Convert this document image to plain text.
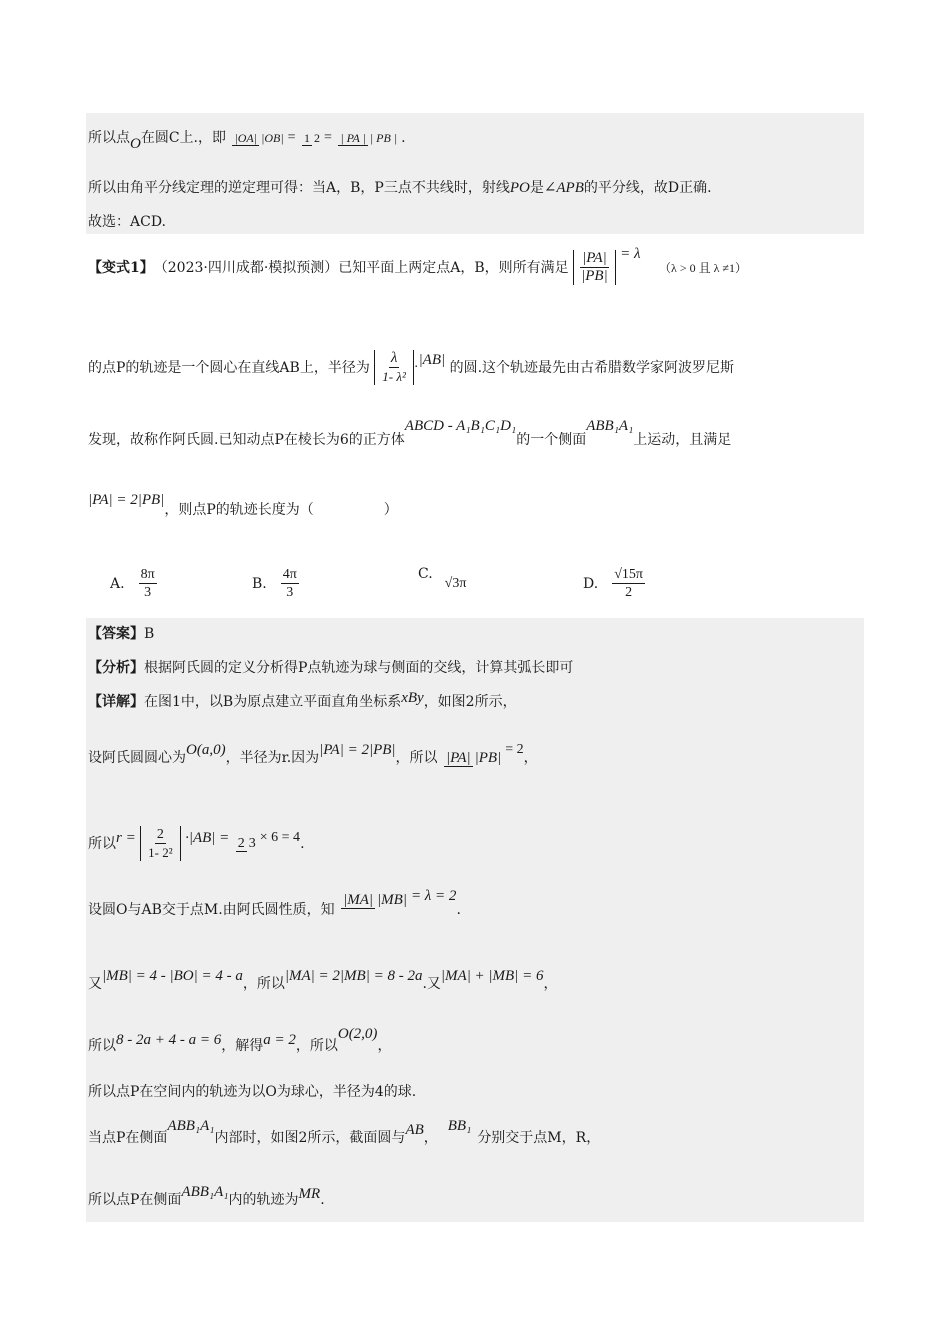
所以点O在圆C上.，即 |OA| |OB| = 1 2 = | PA | | PB | .
所以由角平分线定理的逆定理可得：当A，B，P三点不共线时，射线PO是∠APB的平分线，故D正确.
故选：ACD.
【变式1】（2023·四川成都·模拟预测）已知平面上两定点A，B，则所有满足 $\frac{|PA|}{|PB|} = \lambda$ （λ > 0 且 λ ≠1）
的点P的轨迹是一个圆心在直线AB上，半径为 $\frac{\lambda}{\text{1- λ²}} \cdot|AB|$ 的圆.这个轨迹最先由古希腊数学家阿波罗尼斯
发现，故称作阿氏圆.已知动点P在棱长为6的正方体ABCD - A₁B₁C₁D₁的一个侧面ABB₁A₁上运动，且满足
|PA| = 2|PB|，则点P的轨迹长度为（　　　　　）
A. $\frac{8\pi}{3}$	B. $\frac{4\pi}{3}$	C.
√3π	D. $\frac{√15\pi}{2}$
【答案】B
【分析】根据阿氏圆的定义分析得P点轨迹为球与侧面的交线，计算其弧长即可
【详解】在图1中，以B为原点建立平面直角坐标系xBy，如图2所示，
设阿氏圆圆心为O(a,0)，半径为r.因为|PA| = 2|PB|，所以 |PA| |PB|= 2，
所以$r = \frac{2}{\text{1- 2²}} \cdot|AB| = 2$ 3 × 6 = 4.
设圆O与AB交于点M.由阿氏圆性质，知 |MA| |MB| = λ = 2.
又|MB| = 4 - |BO| = 4 - a，所以|MA| = 2|MB| = 8 - 2a.又|MA| + |MB| = 6，
所以8 - 2a + 4 - a = 6，解得a = 2，所以O(2,0)，
所以点P在空间内的轨迹为以O为球心，半径为4的球.
当点P在侧面ABB₁A₁内部时，如图2所示，截面圆与AB，BB₁分别交于点M，R，
所以点P在侧面ABB₁A₁内的轨迹为MR.
